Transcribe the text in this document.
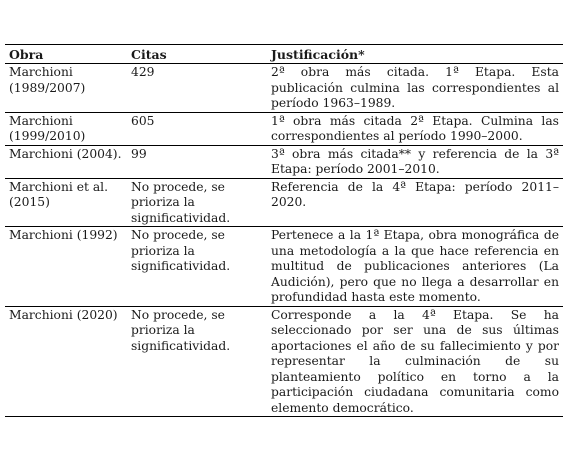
Obra	Citas	Justificación*
Marchioni (1989/2007)	429	2ª obra más citada. 1ª Etapa. Esta publicación culmina las correspondientes al período 1963–1989.
Marchioni (1999/2010)	605	1ª obra más citada 2ª Etapa. Culmina las correspondientes al período 1990–2000.
Marchioni (2004).	99	3ª obra más citada** y referencia de la 3ª Etapa: período 2001–2010.
Marchioni et al. (2015)	No procede, se prioriza la significatividad.	Referencia de la 4ª Etapa: período 2011–2020.
Marchioni (1992)	No procede, se prioriza la significatividad.	Pertenece a la 1ª Etapa, obra monográfica de una metodología a la que hace referencia en multitud de publicaciones anteriores (La Audición), pero que no llega a desarrollar en profundidad hasta este momento.
Marchioni (2020)	No procede, se prioriza la significatividad.	Corresponde a la 4ª Etapa. Se ha seleccionado por ser una de sus últimas aportaciones el año de su fallecimiento y por representar la culminación de su planteamiento político en torno a la participación ciudadana comunitaria como elemento democrático.
